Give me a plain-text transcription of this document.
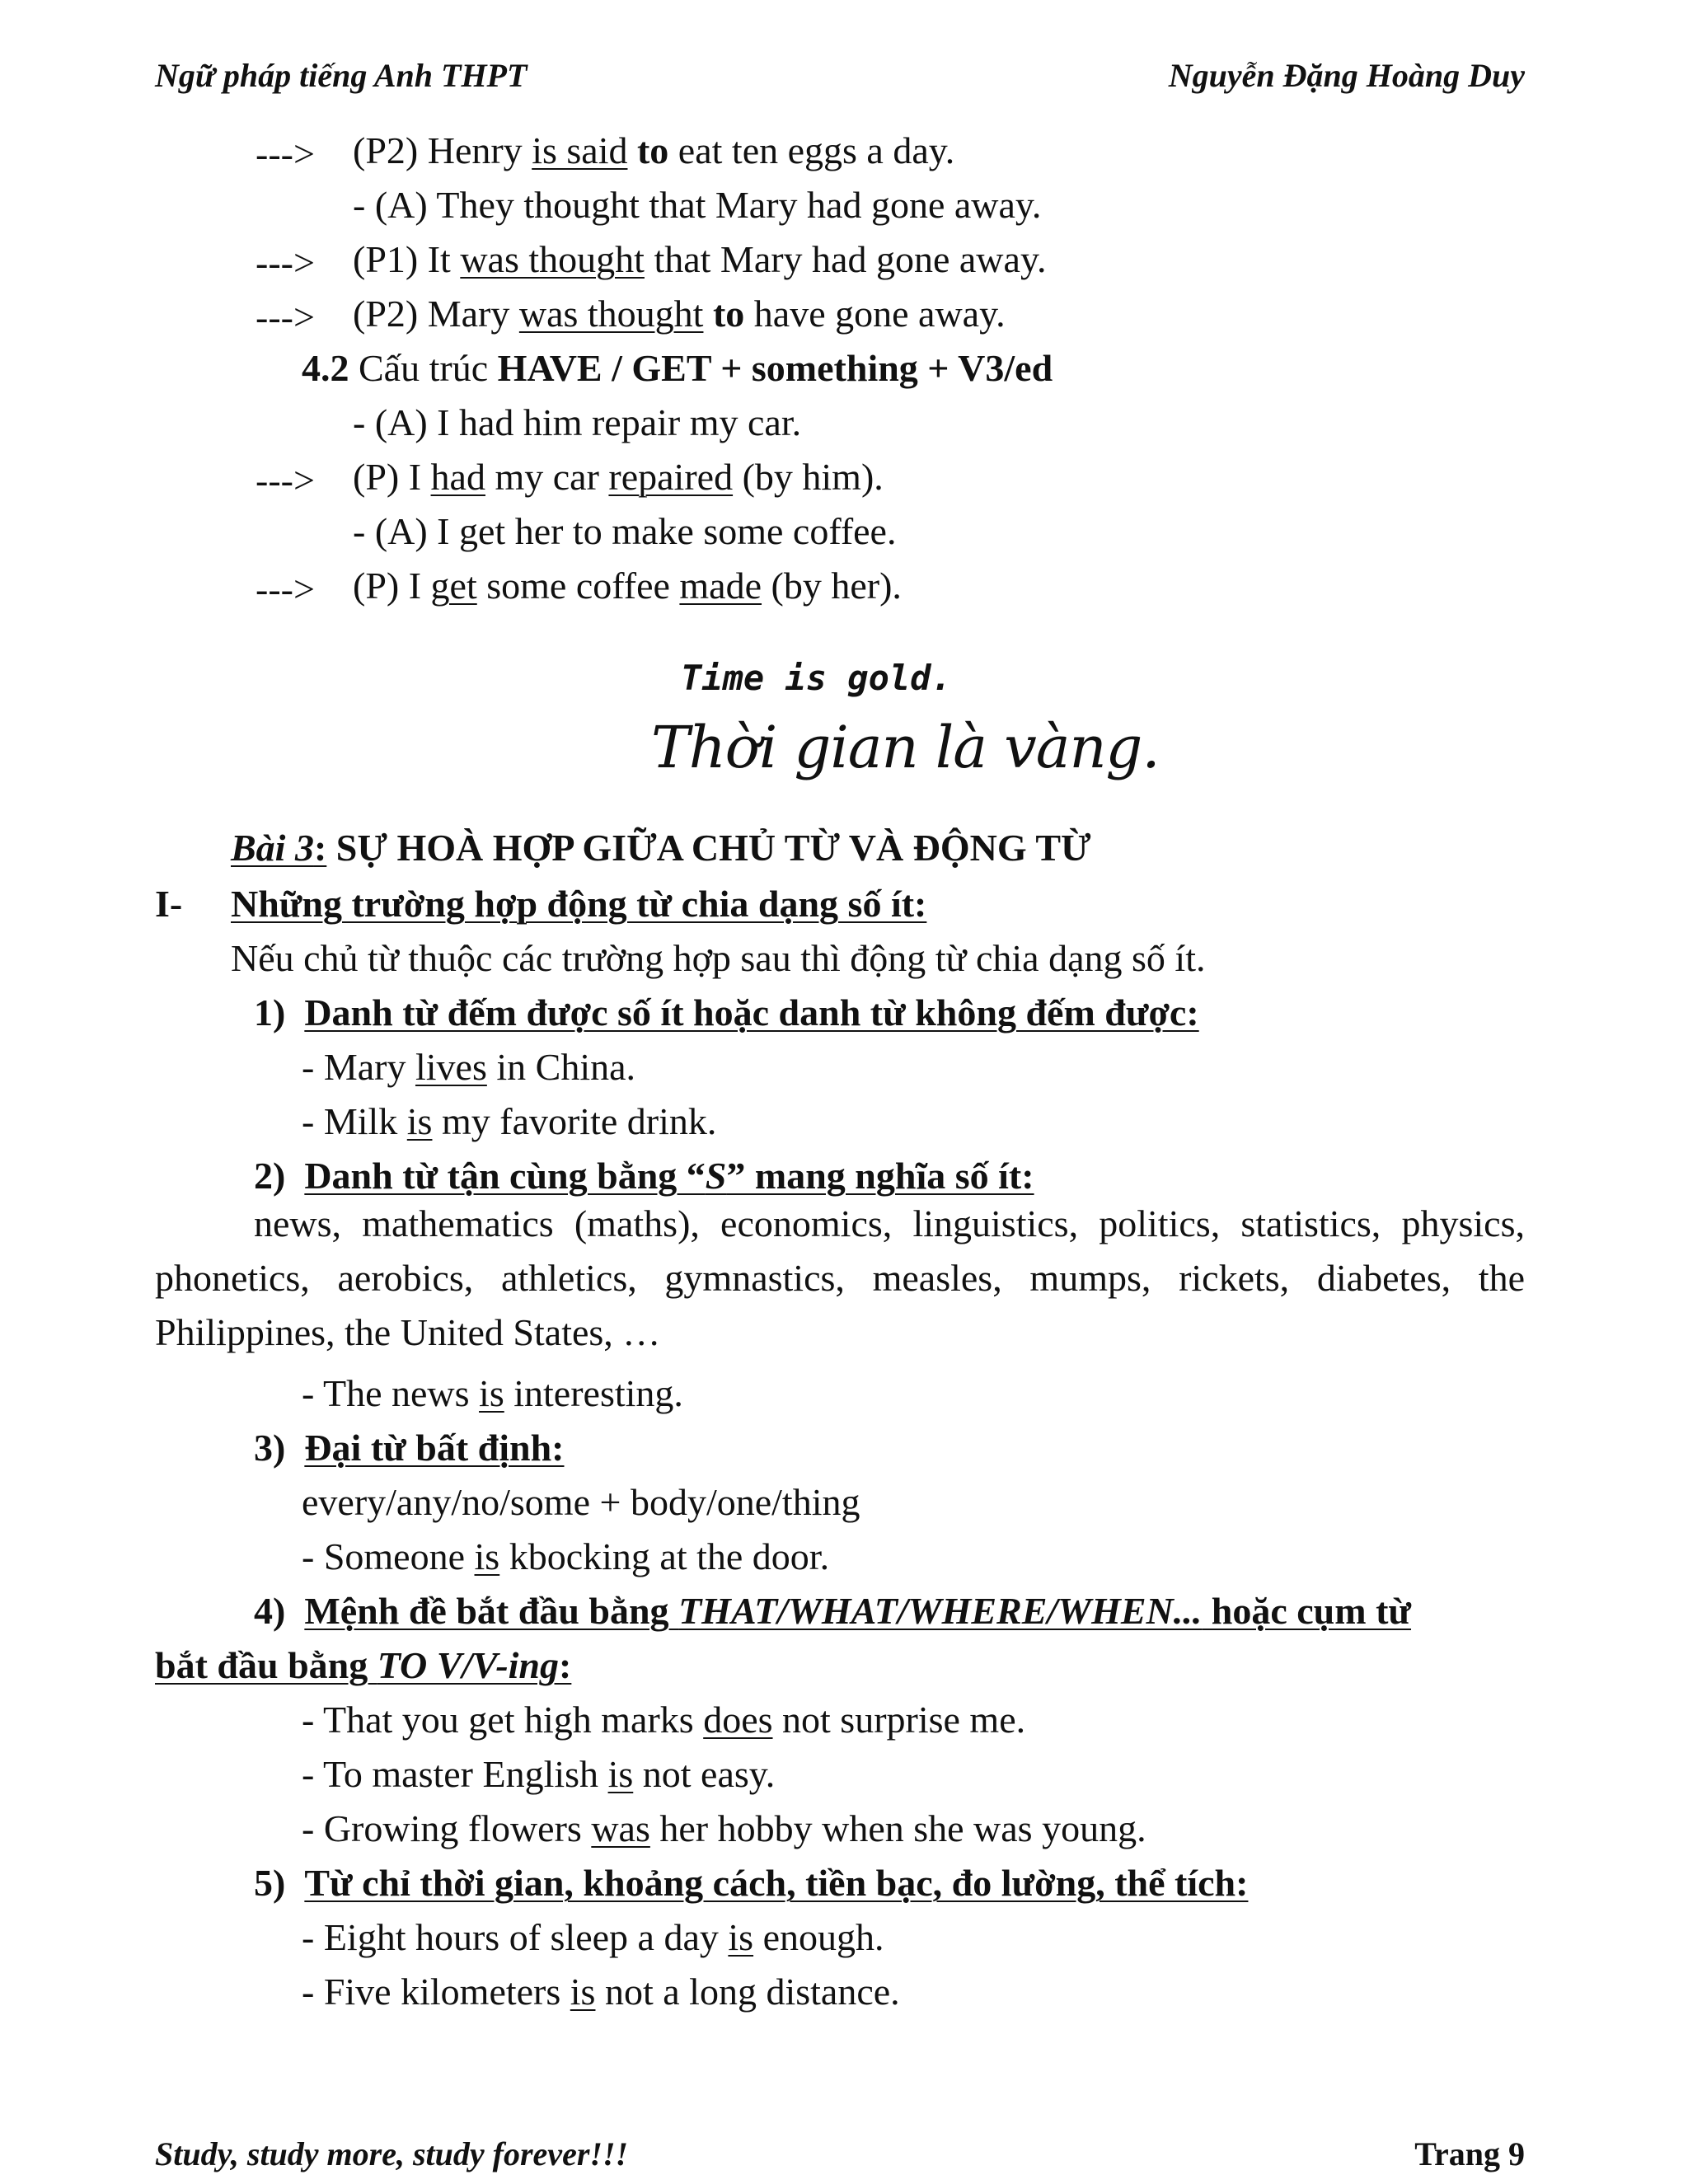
Ngữ pháp tiếng Anh THPT	Nguyễn Đặng Hoàng Duy
---> (P2) Henry is said to eat ten eggs a day.
- (A) They thought that Mary had gone away.
---> (P1) It was thought that Mary had gone away.
---> (P2) Mary was thought to have gone away.
4.2 Cấu trúc HAVE / GET + something + V3/ed
- (A) I had him repair my car.
---> (P) I had my car repaired (by him).
- (A) I get her to make some coffee.
---> (P) I get some coffee made (by her).
Time is gold.
Thời gian là vàng.
Bài 3: SỰ HOÀ HỢP GIỮA CHỦ TỪ VÀ ĐỘNG TỪ
I- Những trường hợp động từ chia dạng số ít:
Nếu chủ từ thuộc các trường hợp sau thì động từ chia dạng số ít.
1) Danh từ đếm được số ít hoặc danh từ không đếm được:
- Mary lives in China.
- Milk is my favorite drink.
2) Danh từ tận cùng bằng “S” mang nghĩa số ít:
news, mathematics (maths), economics, linguistics, politics, statistics, physics, phonetics, aerobics, athletics, gymnastics, measles, mumps, rickets, diabetes, the Philippines, the United States, …
- The news is interesting.
3) Đại từ bất định:
every/any/no/some + body/one/thing
- Someone is kbocking at the door.
4) Mệnh đề bắt đầu bằng THAT/WHAT/WHERE/WHEN... hoặc cụm từ
bắt đầu bằng TO V/V-ing:
- That you get high marks does not surprise me.
- To master English is not easy.
- Growing flowers was her hobby when she was young.
5) Từ chỉ thời gian, khoảng cách, tiền bạc, đo lường, thể tích:
- Eight hours of sleep a day is enough.
- Five kilometers is not a long distance.
Study, study more, study forever!!!	Trang 9
